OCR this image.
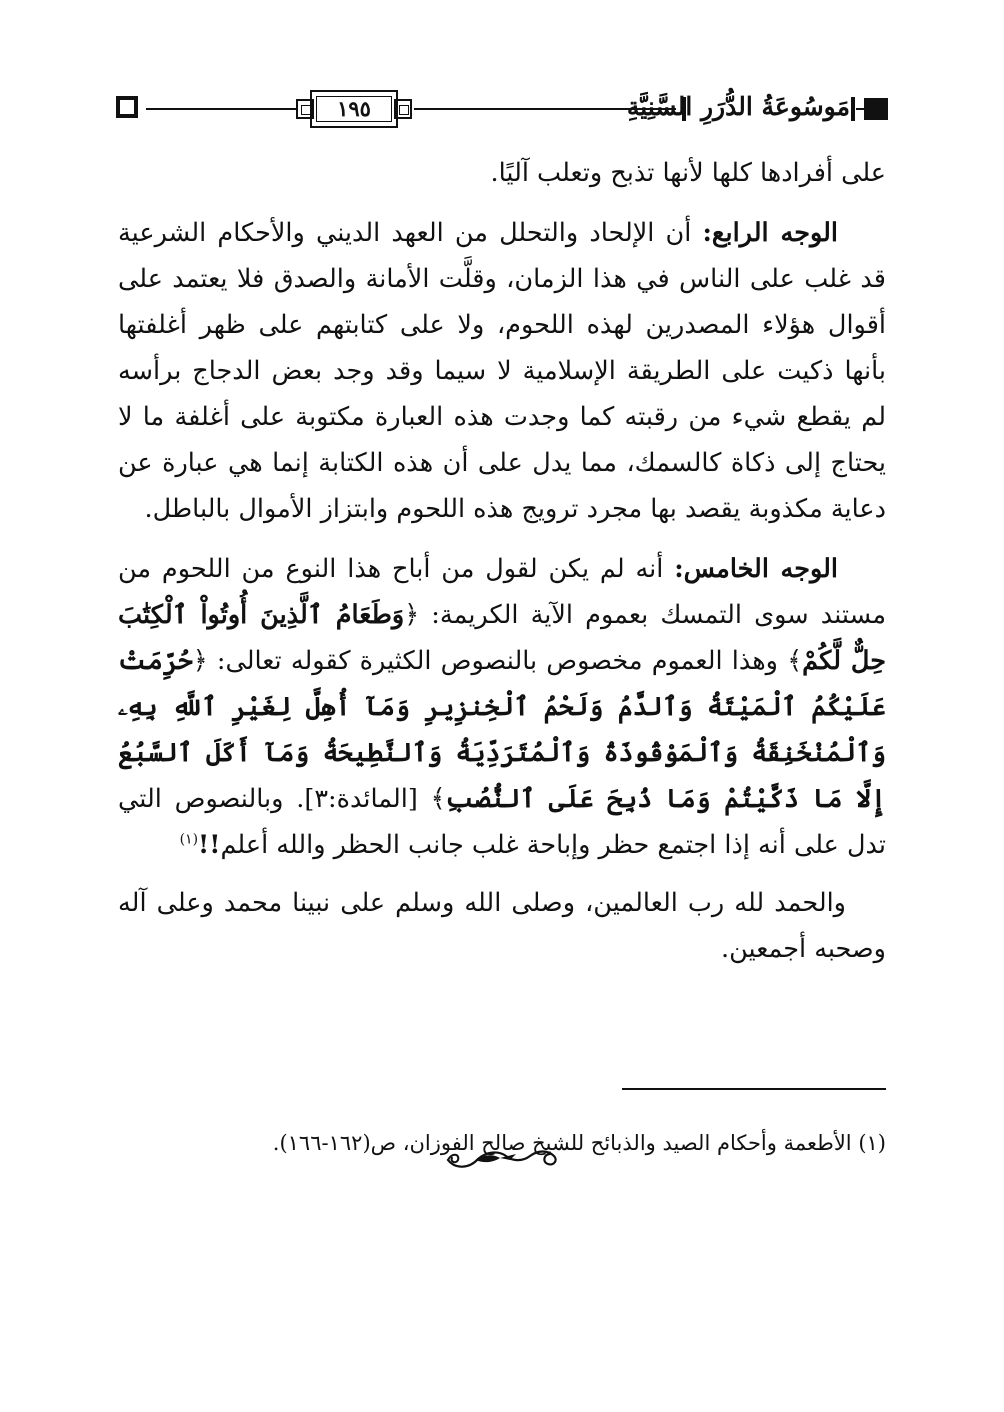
١٩٥	مَوسُوعَةُ الدُّرَرِ السَّنِيَّةِ

على أفرادها كلها لأنها تذبح وتعلب آليًا.

الوجه الرابع: أن الإلحاد والتحلل من العهد الديني والأحكام الشرعية قد غلب على الناس في هذا الزمان، وقلَّت الأمانة والصدق فلا يعتمد على أقوال هؤلاء المصدرين لهذه اللحوم، ولا على كتابتهم على ظهر أغلفتها بأنها ذكيت على الطريقة الإسلامية لا سيما وقد وجد بعض الدجاج برأسه لم يقطع شيء من رقبته كما وجدت هذه العبارة مكتوبة على أغلفة ما لا يحتاج إلى ذكاة كالسمك، مما يدل على أن هذه الكتابة إنما هي عبارة عن دعاية مكذوبة يقصد بها مجرد ترويج هذه اللحوم وابتزاز الأموال بالباطل.

الوجه الخامس: أنه لم يكن لقول من أباح هذا النوع من اللحوم من مستند سوى التمسك بعموم الآية الكريمة: ﴿وَطَعَامُ ٱلَّذِينَ أُوتُواْ ٱلْكِتَٰبَ حِلٌّ لَّكُمْ﴾ وهذا العموم مخصوص بالنصوص الكثيرة كقوله تعالى: ﴿حُرِّمَتْ عَلَيْكُمُ ٱلْمَيْتَةُ وَٱلدَّمُ وَلَحْمُ ٱلْخِنزِيرِ وَمَآ أُهِلَّ لِغَيْرِ ٱللَّهِ بِهِۦ وَٱلْمُنْخَنِقَةُ وَٱلْمَوْقُوذَةُ وَٱلْمُتَرَدِّيَةُ وَٱلنَّطِيحَةُ وَمَآ أَكَلَ ٱلسَّبُعُ إِلَّا مَا ذَكَّيْتُمْ وَمَا ذُبِحَ عَلَى ٱلنُّصُبِ﴾ [المائدة:٣]. وبالنصوص التي تدل على أنه إذا اجتمع حظر وإباحة غلب جانب الحظر والله أعلم!!$^{(١)}$

والحمد لله رب العالمين، وصلى الله وسلم على نبينا محمد وعلى آله وصحبه أجمعين.

(١) الأطعمة وأحكام الصيد والذبائح للشيخ صالح الفوزان، ص(١٦٢-١٦٦).
